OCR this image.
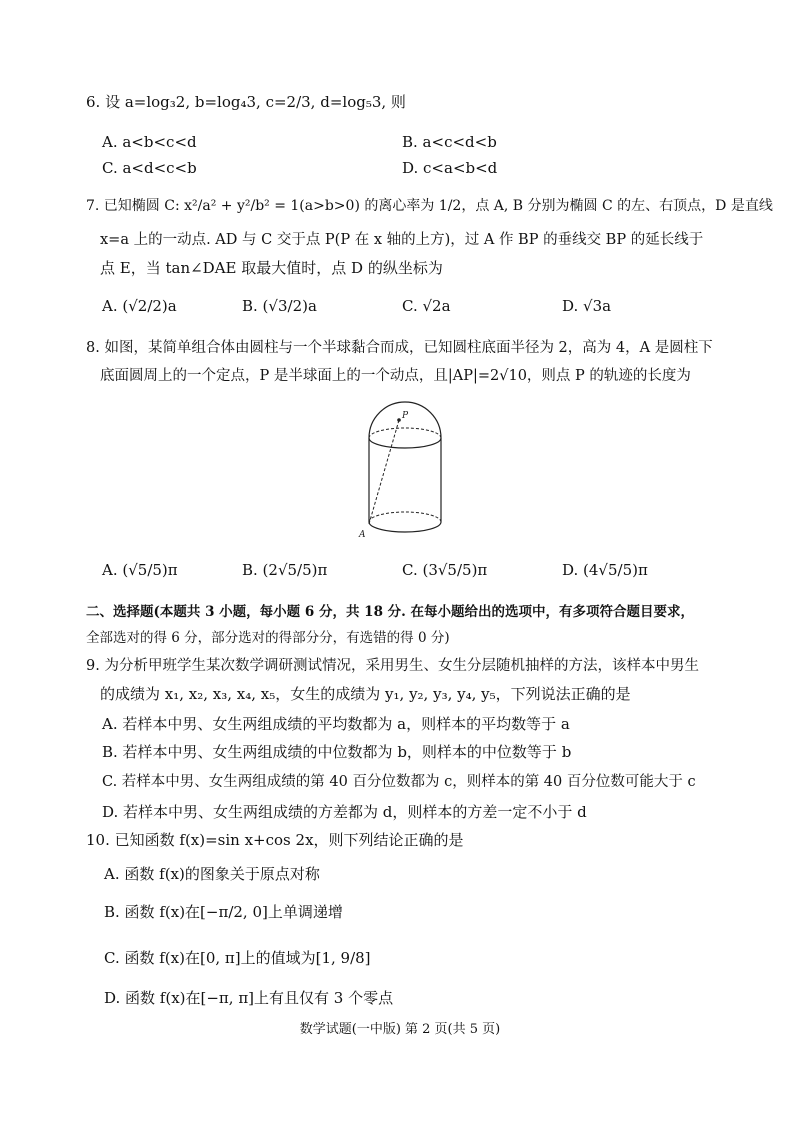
6. 设 a=log₃2, b=log₄3, c=2/3, d=log₅3, 则
A. a<b<c<d	B. a<c<d<b
C. a<d<c<b	D. c<a<b<d
7. 已知椭圆 C: x²/a² + y²/b² = 1(a>b>0) 的离心率为 1/2，点 A, B 分别为椭圆 C 的左、右顶点，D 是直线
x=a 上的一动点. AD 与 C 交于点 P(P 在 x 轴的上方)，过 A 作 BP 的垂线交 BP 的延长线于
点 E，当 tan∠DAE 取最大值时，点 D 的纵坐标为
A. (√2/2)a	B. (√3/2)a	C. √2a	D. √3a
8. 如图，某简单组合体由圆柱与一个半球黏合而成，已知圆柱底面半径为 2，高为 4，A 是圆柱下
底面圆周上的一个定点，P 是半球面上的一个动点，且|AP|=2√10，则点 P 的轨迹的长度为
P
A
A. (√5/5)π	B. (2√5/5)π	C. (3√5/5)π	D. (4√5/5)π
二、选择题(本题共 3 小题，每小题 6 分，共 18 分. 在每小题给出的选项中，有多项符合题目要求，
全部选对的得 6 分，部分选对的得部分分，有选错的得 0 分)
9. 为分析甲班学生某次数学调研测试情况，采用男生、女生分层随机抽样的方法，该样本中男生
的成绩为 x₁, x₂, x₃, x₄, x₅，女生的成绩为 y₁, y₂, y₃, y₄, y₅，下列说法正确的是
A. 若样本中男、女生两组成绩的平均数都为 a，则样本的平均数等于 a
B. 若样本中男、女生两组成绩的中位数都为 b，则样本的中位数等于 b
C. 若样本中男、女生两组成绩的第 40 百分位数都为 c，则样本的第 40 百分位数可能大于 c
D. 若样本中男、女生两组成绩的方差都为 d，则样本的方差一定不小于 d
10. 已知函数 f(x)=sin x+cos 2x，则下列结论正确的是
A. 函数 f(x)的图象关于原点对称
B. 函数 f(x)在[−π/2, 0]上单调递增
C. 函数 f(x)在[0, π]上的值域为[1, 9/8]
D. 函数 f(x)在[−π, π]上有且仅有 3 个零点
数学试题(一中版) 第 2 页(共 5 页)
